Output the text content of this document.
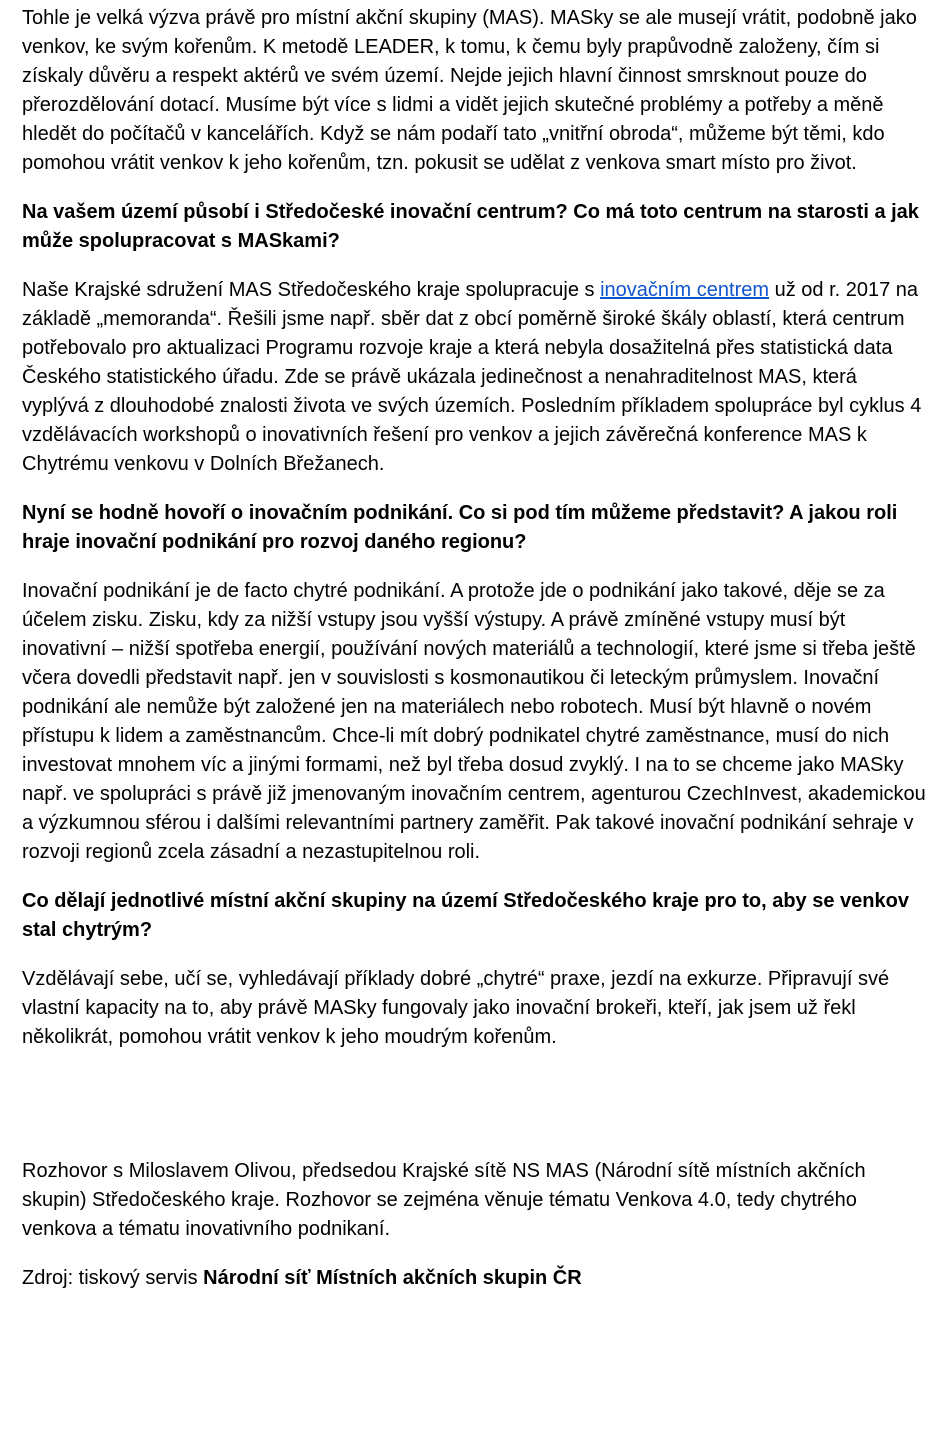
Tohle je velká výzva právě pro místní akční skupiny (MAS). MASky se ale musejí vrátit, podobně jako venkov, ke svým kořenům. K metodě LEADER, k tomu, k čemu byly prapůvodně založeny, čím si získaly důvěru a respekt aktérů ve svém území. Nejde jejich hlavní činnost smrsknout pouze do přerozdělování dotací. Musíme být více s lidmi a vidět jejich skutečné problémy a potřeby a měně hledět do počítačů v kancelářích. Když se nám podaří tato „vnitřní obroda“, můžeme být těmi, kdo pomohou vrátit venkov k jeho kořenům, tzn. pokusit se udělat z venkova smart místo pro život.

Na vašem území působí i Středočeské inovační centrum? Co má toto centrum na starosti a jak může spolupracovat s MASkami?

Naše Krajské sdružení MAS Středočeského kraje spolupracuje s inovačním centrem už od r. 2017 na základě „memoranda“. Řešili jsme např. sběr dat z obcí poměrně široké škály oblastí, která centrum potřebovalo pro aktualizaci Programu rozvoje kraje a která nebyla dosažitelná přes statistická data Českého statistického úřadu. Zde se právě ukázala jedinečnost a nenahraditelnost MAS, která vyplývá z dlouhodobé znalosti života ve svých územích. Posledním příkladem spolupráce byl cyklus 4 vzdělávacích workshopů o inovativních řešení pro venkov a jejich závěrečná konference MAS k Chytrému venkovu v Dolních Břežanech.

Nyní se hodně hovoří o inovačním podnikání. Co si pod tím můžeme představit? A jakou roli hraje inovační podnikání pro rozvoj daného regionu?

Inovační podnikání je de facto chytré podnikání. A protože jde o podnikání jako takové, děje se za účelem zisku. Zisku, kdy za nižší vstupy jsou vyšší výstupy. A právě zmíněné vstupy musí být inovativní – nižší spotřeba energií, používání nových materiálů a technologií, které jsme si třeba ještě včera dovedli představit např. jen v souvislosti s kosmonautikou či leteckým průmyslem. Inovační podnikání ale nemůže být založené jen na materiálech nebo robotech. Musí být hlavně o novém přístupu k lidem a zaměstnancům. Chce-li mít dobrý podnikatel chytré zaměstnance, musí do nich investovat mnohem víc a jinými formami, než byl třeba dosud zvyklý. I na to se chceme jako MASky např. ve spolupráci s právě již jmenovaným inovačním centrem, agenturou CzechInvest, akademickou a výzkumnou sférou i dalšími relevantními partnery zaměřit. Pak takové inovační podnikání sehraje v rozvoji regionů zcela zásadní a nezastupitelnou roli.

Co dělají jednotlivé místní akční skupiny na území Středočeského kraje pro to, aby se venkov stal chytrým?

Vzdělávají sebe, učí se, vyhledávají příklady dobré „chytré“ praxe, jezdí na exkurze. Připravují své vlastní kapacity na to, aby právě MASky fungovaly jako inovační brokeři, kteří, jak jsem už řekl několikrát, pomohou vrátit venkov k jeho moudrým kořenům.

Rozhovor s Miloslavem Olivou, předsedou Krajské sítě NS MAS (Národní sítě místních akčních skupin) Středočeského kraje. Rozhovor se zejména věnuje tématu Venkova 4.0, tedy chytrého venkova a tématu inovativního podnikaní.

Zdroj: tiskový servis Národní síť Místních akčních skupin ČR
